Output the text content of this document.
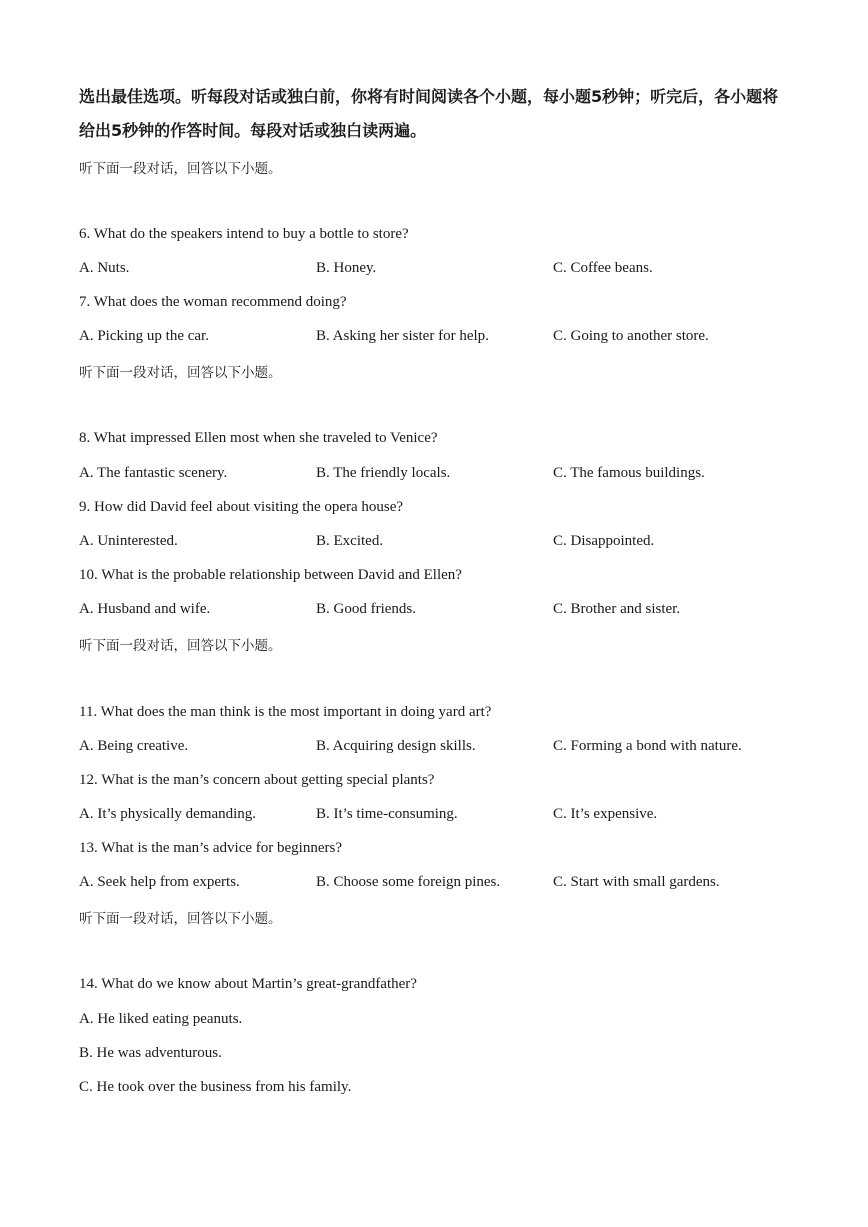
选出最佳选项。听每段对话或独白前，你将有时间阅读各个小题，每小题5秒钟；听完后，各小题将给出5秒钟的作答时间。每段对话或独白读两遍。
听下面一段对话，回答以下小题。
6. What do the speakers intend to buy a bottle to store?
A. Nuts.	B. Honey.	C. Coffee beans.
7. What does the woman recommend doing?
A. Picking up the car.	B. Asking her sister for help.	C. Going to another store.
听下面一段对话，回答以下小题。
8. What impressed Ellen most when she traveled to Venice?
A. The fantastic scenery.	B. The friendly locals.	C. The famous buildings.
9. How did David feel about visiting the opera house?
A. Uninterested.	B. Excited.	C. Disappointed.
10. What is the probable relationship between David and Ellen?
A. Husband and wife.	B. Good friends.	C. Brother and sister.
听下面一段对话，回答以下小题。
11. What does the man think is the most important in doing yard art?
A. Being creative.	B. Acquiring design skills.	C. Forming a bond with nature.
12. What is the man’s concern about getting special plants?
A. It’s physically demanding.	B. It’s time-consuming.	C. It’s expensive.
13. What is the man’s advice for beginners?
A. Seek help from experts.	B. Choose some foreign pines.	C. Start with small gardens.
听下面一段对话，回答以下小题。
14. What do we know about Martin’s great-grandfather?
A. He liked eating peanuts.
B. He was adventurous.
C. He took over the business from his family.
